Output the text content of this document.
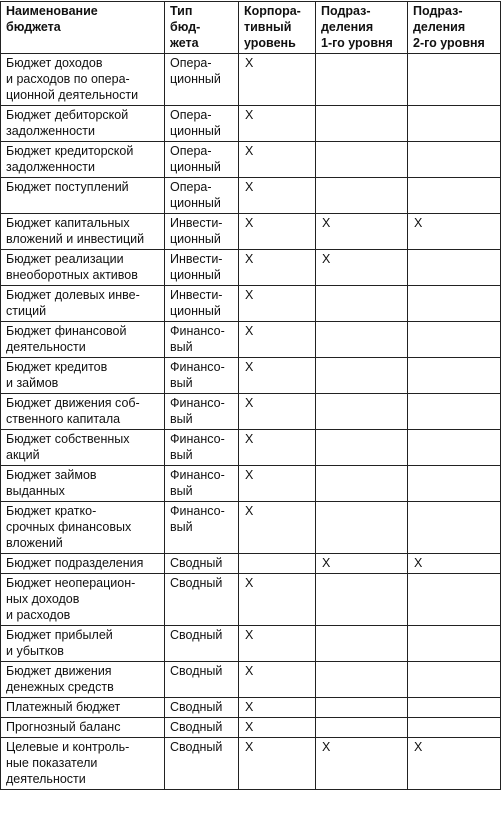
Наименование
бюджета	Тип
бюд-
жета	Корпора-
тивный
уровень	Подраз-
деления
1-го уровня	Подраз-
деления
2-го уровня
Бюджет доходов
и расходов по опера-
ционной деятельности	Опера-
ционный	X		
Бюджет дебиторской
задолженности	Опера-
ционный	X		
Бюджет кредиторской
задолженности	Опера-
ционный	X		
Бюджет поступлений	Опера-
ционный	X		
Бюджет капитальных
вложений и инвестиций	Инвести-
ционный	X	X	X
Бюджет реализации
внеоборотных активов	Инвести-
ционный	X	X	
Бюджет долевых инве-
стиций	Инвести-
ционный	X		
Бюджет финансовой
деятельности	Финансо-
вый	X		
Бюджет кредитов
и займов	Финансо-
вый	X		
Бюджет движения соб-
ственного капитала	Финансо-
вый	X		
Бюджет собственных
акций	Финансо-
вый	X		
Бюджет займов
выданных	Финансо-
вый	X		
Бюджет кратко-
срочных финансовых
вложений	Финансо-
вый	X		
Бюджет подразделения	Сводный		X	X
Бюджет неоперацион-
ных доходов
и расходов	Сводный	X		
Бюджет прибылей
и убытков	Сводный	X		
Бюджет движения
денежных средств	Сводный	X		
Платежный бюджет	Сводный	X		
Прогнозный баланс	Сводный	X		
Целевые и контроль-
ные показатели
деятельности	Сводный	X	X	X
